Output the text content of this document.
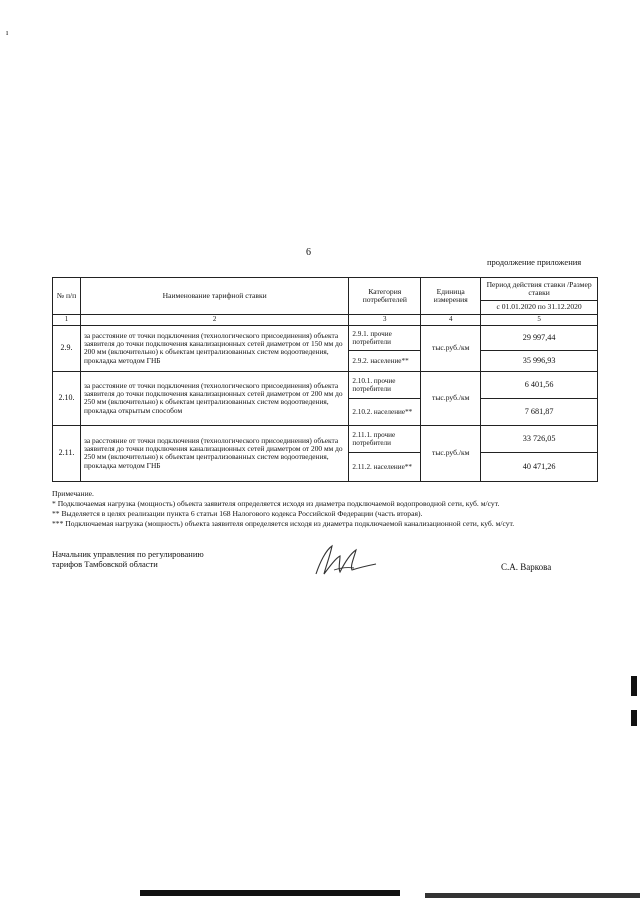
ı
6
продолжение приложения
№ п/п	Наименование тарифной ставки	Категория потребителей	Единица измерения	Период действия ставки /Размер ставки
				с 01.01.2020 по 31.12.2020
1	2	3	4	5
2.9.	за расстояние от точки подключения (технологического присоединения) объекта заявителя до точки подключения канализационных сетей диаметром от 150 мм до 200 мм (включительно) к объектам централизованных систем водоотведения, прокладка методом ГНБ	2.9.1. прочие потребители	тыс.руб./км	29 997,44
		2.9.2. население**		35 996,93
2.10.	за расстояние от точки подключения (технологического присоединения) объекта заявителя до точки подключения канализационных сетей диаметром от 200 мм до 250 мм (включительно) к объектам централизованных систем водоотведения, прокладка открытым способом	2.10.1. прочие потребители	тыс.руб./км	6 401,56
		2.10.2. население**		7 681,87
2.11.	за расстояние от точки подключения (технологического присоединения) объекта заявителя до точки подключения канализационных сетей диаметром от 200 мм до 250 мм (включительно) к объектам централизованных систем водоотведения, прокладка методом ГНБ	2.11.1. прочие потребители	тыс.руб./км	33 726,05
		2.11.2. население**		40 471,26
Примечание.
* Подключаемая нагрузка (мощность) объекта заявителя определяется исходя из диаметра подключаемой водопроводной сети, куб. м/сут.
** Выделяется в целях реализации пункта 6 статьи 168 Налогового кодекса Российской Федерации (часть вторая).
*** Подключаемая нагрузка (мощность) объекта заявителя определяется исходя из диаметра подключаемой канализационной сети, куб. м/сут.
Начальник управления по регулированию
тарифов Тамбовской области	С.А. Варкова
